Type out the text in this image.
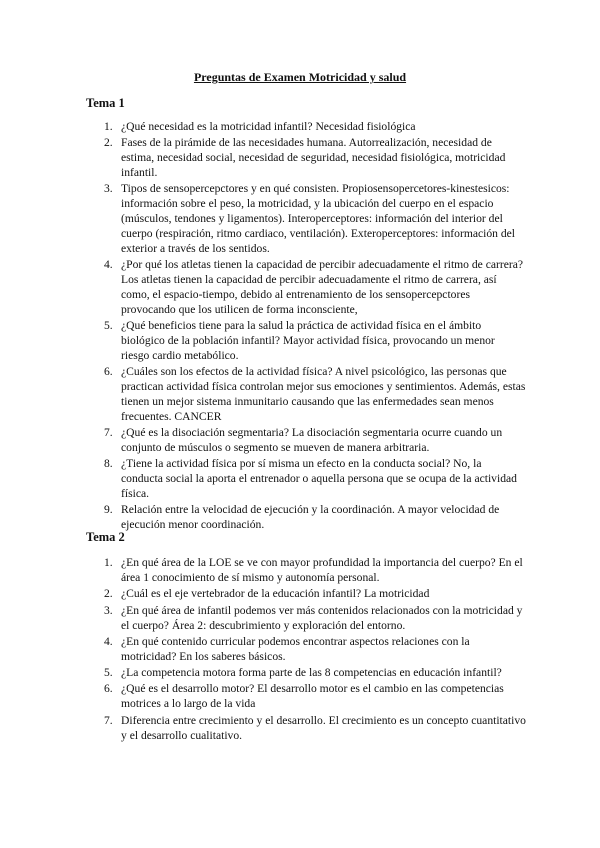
Preguntas de Examen Motricidad y salud
Tema 1
1. ¿Qué necesidad es la motricidad infantil? Necesidad fisiológica
2. Fases de la pirámide de las necesidades humana. Autorrealización, necesidad de estima, necesidad social, necesidad de seguridad, necesidad fisiológica, motricidad infantil.
3. Tipos de sensopercepctores y en qué consisten. Propiosensopercetores-kinestesicos: información sobre el peso, la motricidad, y la ubicación del cuerpo en el espacio (músculos, tendones y ligamentos). Interoperceptores: información del interior del cuerpo (respiración, ritmo cardiaco, ventilación). Exteroperceptores: información del exterior a través de los sentidos.
4. ¿Por qué los atletas tienen la capacidad de percibir adecuadamente el ritmo de carrera? Los atletas tienen la capacidad de percibir adecuadamente el ritmo de carrera, así como, el espacio-tiempo, debido al entrenamiento de los sensopercepctores provocando que los utilicen de forma inconsciente,
5. ¿Qué beneficios tiene para la salud la práctica de actividad física en el ámbito biológico de la población infantil? Mayor actividad física, provocando un menor riesgo cardio metabólico.
6. ¿Cuáles son los efectos de la actividad física? A nivel psicológico, las personas que practican actividad física controlan mejor sus emociones y sentimientos. Además, estas tienen un mejor sistema inmunitario causando que las enfermedades sean menos frecuentes. CANCER
7. ¿Qué es la disociación segmentaria? La disociación segmentaria ocurre cuando un conjunto de músculos o segmento se mueven de manera arbitraria.
8. ¿Tiene la actividad física por sí misma un efecto en la conducta social? No, la conducta social la aporta el entrenador o aquella persona que se ocupa de la actividad física.
9. Relación entre la velocidad de ejecución y la coordinación. A mayor velocidad de ejecución menor coordinación.
Tema 2
1. ¿En qué área de la LOE se ve con mayor profundidad la importancia del cuerpo? En el área 1 conocimiento de sí mismo y autonomía personal.
2. ¿Cuál es el eje vertebrador de la educación infantil? La motricidad
3. ¿En qué área de infantil podemos ver más contenidos relacionados con la motricidad y el cuerpo? Área 2: descubrimiento y exploración del entorno.
4. ¿En qué contenido curricular podemos encontrar aspectos relaciones con la motricidad? En los saberes básicos.
5. ¿La competencia motora forma parte de las 8 competencias en educación infantil?
6. ¿Qué es el desarrollo motor? El desarrollo motor es el cambio en las competencias motrices a lo largo de la vida
7. Diferencia entre crecimiento y el desarrollo. El crecimiento es un concepto cuantitativo y el desarrollo cualitativo.
